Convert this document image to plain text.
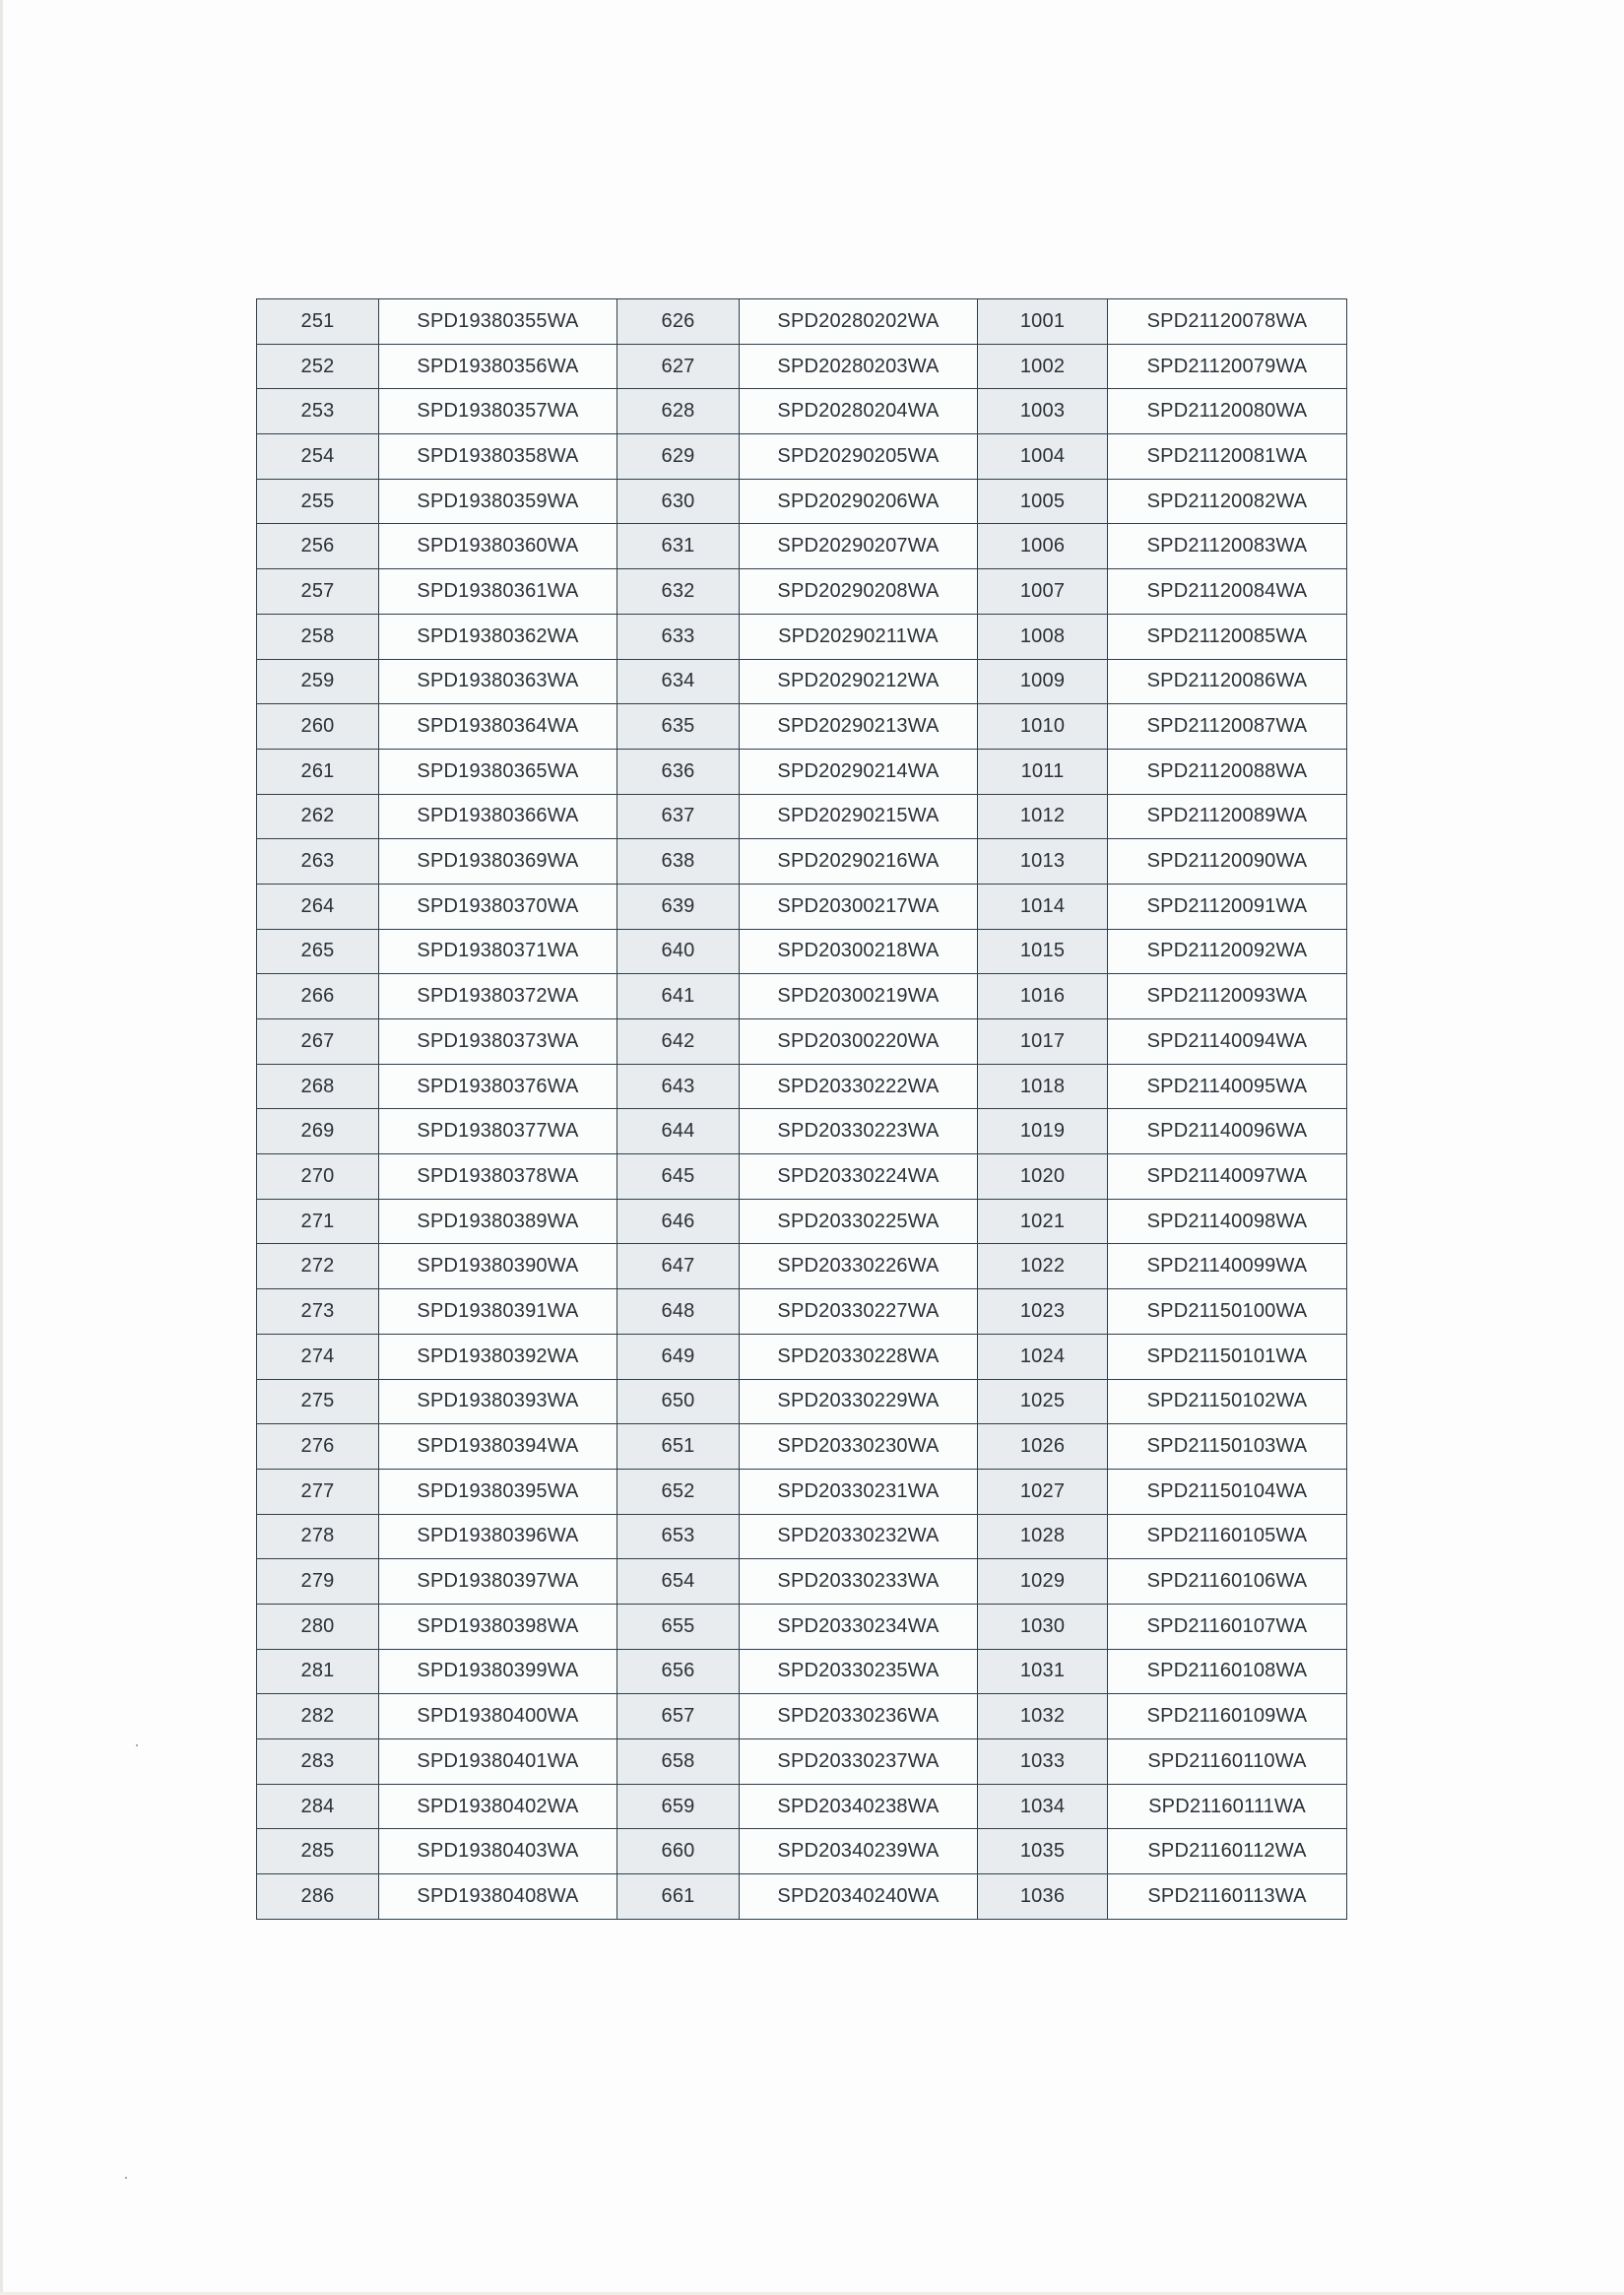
251	SPD19380355WA	626	SPD20280202WA	1001	SPD21120078WA
252	SPD19380356WA	627	SPD20280203WA	1002	SPD21120079WA
253	SPD19380357WA	628	SPD20280204WA	1003	SPD21120080WA
254	SPD19380358WA	629	SPD20290205WA	1004	SPD21120081WA
255	SPD19380359WA	630	SPD20290206WA	1005	SPD21120082WA
256	SPD19380360WA	631	SPD20290207WA	1006	SPD21120083WA
257	SPD19380361WA	632	SPD20290208WA	1007	SPD21120084WA
258	SPD19380362WA	633	SPD20290211WA	1008	SPD21120085WA
259	SPD19380363WA	634	SPD20290212WA	1009	SPD21120086WA
260	SPD19380364WA	635	SPD20290213WA	1010	SPD21120087WA
261	SPD19380365WA	636	SPD20290214WA	1011	SPD21120088WA
262	SPD19380366WA	637	SPD20290215WA	1012	SPD21120089WA
263	SPD19380369WA	638	SPD20290216WA	1013	SPD21120090WA
264	SPD19380370WA	639	SPD20300217WA	1014	SPD21120091WA
265	SPD19380371WA	640	SPD20300218WA	1015	SPD21120092WA
266	SPD19380372WA	641	SPD20300219WA	1016	SPD21120093WA
267	SPD19380373WA	642	SPD20300220WA	1017	SPD21140094WA
268	SPD19380376WA	643	SPD20330222WA	1018	SPD21140095WA
269	SPD19380377WA	644	SPD20330223WA	1019	SPD21140096WA
270	SPD19380378WA	645	SPD20330224WA	1020	SPD21140097WA
271	SPD19380389WA	646	SPD20330225WA	1021	SPD21140098WA
272	SPD19380390WA	647	SPD20330226WA	1022	SPD21140099WA
273	SPD19380391WA	648	SPD20330227WA	1023	SPD21150100WA
274	SPD19380392WA	649	SPD20330228WA	1024	SPD21150101WA
275	SPD19380393WA	650	SPD20330229WA	1025	SPD21150102WA
276	SPD19380394WA	651	SPD20330230WA	1026	SPD21150103WA
277	SPD19380395WA	652	SPD20330231WA	1027	SPD21150104WA
278	SPD19380396WA	653	SPD20330232WA	1028	SPD21160105WA
279	SPD19380397WA	654	SPD20330233WA	1029	SPD21160106WA
280	SPD19380398WA	655	SPD20330234WA	1030	SPD21160107WA
281	SPD19380399WA	656	SPD20330235WA	1031	SPD21160108WA
282	SPD19380400WA	657	SPD20330236WA	1032	SPD21160109WA
283	SPD19380401WA	658	SPD20330237WA	1033	SPD21160110WA
284	SPD19380402WA	659	SPD20340238WA	1034	SPD21160111WA
285	SPD19380403WA	660	SPD20340239WA	1035	SPD21160112WA
286	SPD19380408WA	661	SPD20340240WA	1036	SPD21160113WA
